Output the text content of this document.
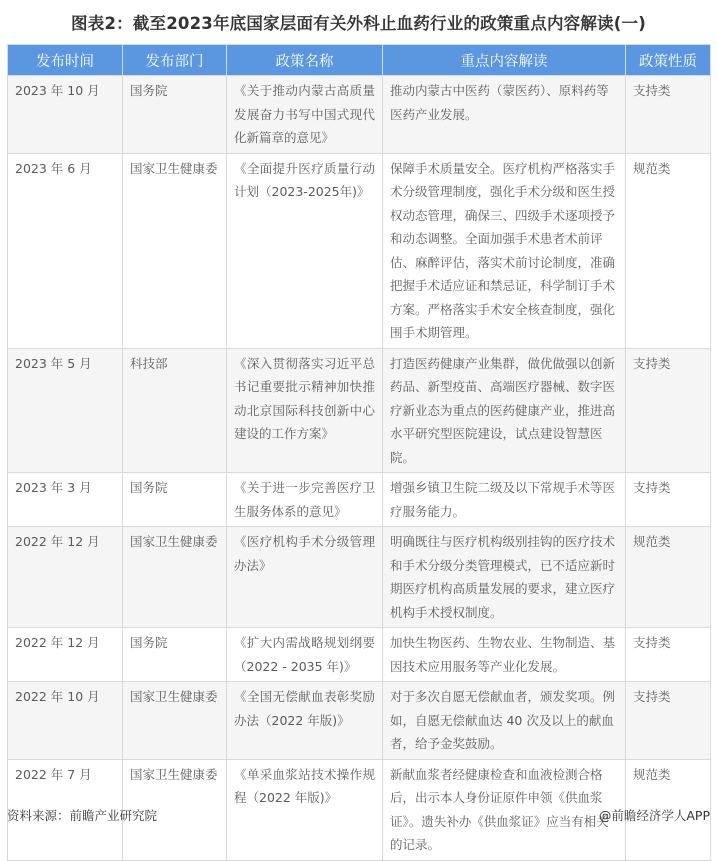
图表2：截至2023年底国家层面有关外科止血药行业的政策重点内容解读(一)
发布时间	发布部门	政策名称	重点内容解读	政策性质
2023 年 10 月	国务院	《关于推动内蒙古高质量发展奋力书写中国式现代化新篇章的意见》	推动内蒙古中医药（蒙医药）、原料药等医药产业发展。	支持类
2023 年 6 月	国家卫生健康委	《全面提升医疗质量行动计划（2023-2025年)》	保障手术质量安全。医疗机构严格落实手术分级管理制度，强化手术分级和医生授权动态管理，确保三、四级手术逐项授予和动态调整。全面加强手术患者术前评估、麻醉评估，落实术前讨论制度，准确把握手术适应证和禁忌证，科学制订手术方案。严格落实手术安全核查制度，强化围手术期管理。	规范类
2023 年 5 月	科技部	《深入贯彻落实习近平总书记重要批示精神加快推动北京国际科技创新中心建设的工作方案》	打造医药健康产业集群，做优做强以创新药品、新型疫苗、高端医疗器械、数字医疗新业态为重点的医药健康产业，推进高水平研究型医院建设，试点建设智慧医院。	支持类
2023 年 3 月	国务院	《关于进一步完善医疗卫生服务体系的意见》	增强乡镇卫生院二级及以下常规手术等医疗服务能力。	支持类
2022 年 12 月	国家卫生健康委	《医疗机构手术分级管理办法》	明确既往与医疗机构级别挂钩的医疗技术和手术分级分类管理模式，已不适应新时期医疗机构高质量发展的要求，建立医疗机构手术授权制度。	规范类
2022 年 12 月	国务院	《扩大内需战略规划纲要（2022 - 2035 年)》	加快生物医药、生物农业、生物制造、基因技术应用服务等产业化发展。	支持类
2022 年 10 月	国家卫生健康委	《全国无偿献血表彰奖励办法（2022 年版)》	对于多次自愿无偿献血者，颁发奖项。例如，自愿无偿献血达 40 次及以上的献血者，给予金奖鼓励。	支持类
2022 年 7 月	国家卫生健康委	《单采血浆站技术操作规程（2022 年版)》	新献血浆者经健康检查和血液检测合格后，出示本人身份证原件申领《供血浆证》。遗失补办《供血浆证》应当有相关的记录。	规范类
资料来源：前瞻产业研究院	@前瞻经济学人APP
